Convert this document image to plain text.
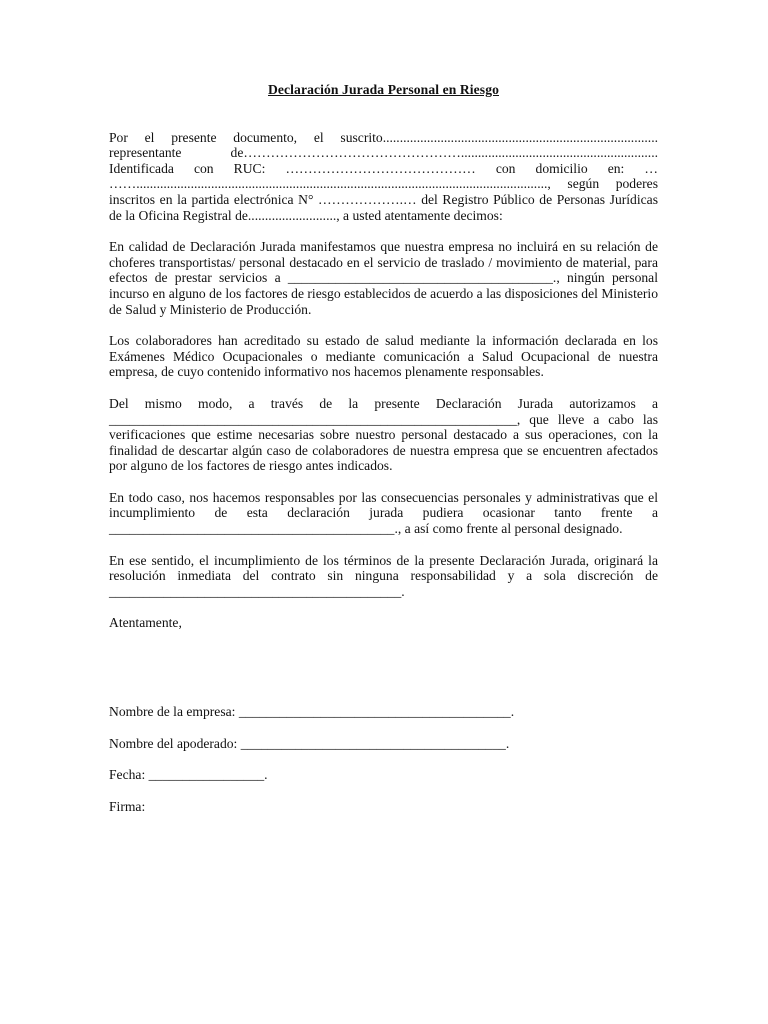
Declaración Jurada Personal en Riesgo
Por el presente documento, el suscrito................................................................................. representante de………………………………………….......................................................... Identificada con RUC: …………………………………… con domicilio en: … ……........................................................................................................................., según poderes inscritos en la partida electrónica N° ……………….… del Registro Público de Personas Jurídicas de la Oficina Registral de.........................., a usted atentamente decimos:
En calidad de Declaración Jurada manifestamos que nuestra empresa no incluirá en su relación de choferes transportistas/ personal destacado en el servicio de traslado / movimiento de material, para efectos de prestar servicios a _______________________________________., ningún personal incurso en alguno de los factores de riesgo establecidos de acuerdo a las disposiciones del Ministerio de Salud y Ministerio de Producción.
Los colaboradores han acreditado su estado de salud mediante la información declarada en los Exámenes Médico Ocupacionales o mediante comunicación a Salud Ocupacional de nuestra empresa, de cuyo contenido informativo nos hacemos plenamente responsables.
Del mismo modo, a través de la presente Declaración Jurada autorizamos a ____________________________________________________________, que lleve a cabo las verificaciones que estime necesarias sobre nuestro personal destacado a sus operaciones, con la finalidad de descartar algún caso de colaboradores de nuestra empresa que se encuentren afectados por alguno de los factores de riesgo antes indicados.
En todo caso, nos hacemos responsables por las consecuencias personales y administrativas que el incumplimiento de esta declaración jurada pudiera ocasionar tanto frente a __________________________________________., a así como frente al personal designado.
En ese sentido, el incumplimiento de los términos de la presente Declaración Jurada, originará la resolución inmediata del contrato sin ninguna responsabilidad y a sola discreción de ___________________________________________.
Atentamente,
Nombre de la empresa: ________________________________________.
Nombre del apoderado: _______________________________________.
Fecha: _________________.
Firma:
